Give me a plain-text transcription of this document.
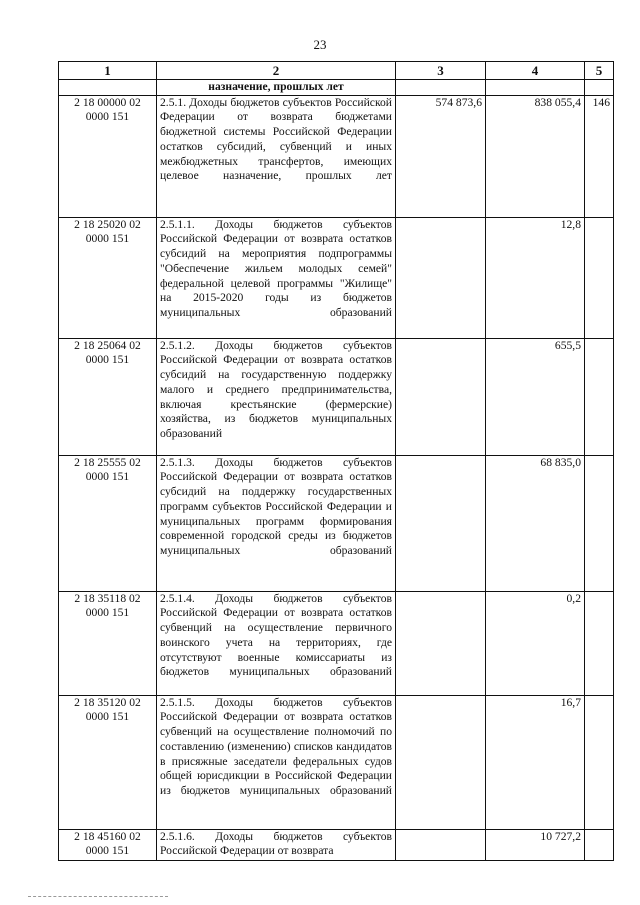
23
1	2	3	4	5
	назначение, прошлых лет			
2 18 00000 02 0000 151	2.5.1. Доходы бюджетов субъектов Российской Федерации от возврата бюджетами бюджетной системы Российской Федерации остатков субсидий, субвенций и иных межбюджетных трансфертов, имеющих целевое назначение, прошлых лет	574 873,6	838 055,4	146
2 18 25020 02 0000 151	2.5.1.1. Доходы бюджетов субъектов Российской Федерации от возврата остатков субсидий на мероприятия подпрограммы "Обеспечение жильем молодых семей" федеральной целевой программы "Жилище" на 2015-2020 годы из бюджетов муниципальных образований		12,8	
2 18 25064 02 0000 151	2.5.1.2. Доходы бюджетов субъектов Российской Федерации от возврата остатков субсидий на государственную поддержку малого и среднего предпринимательства, включая крестьянские (фермерские) хозяйства, из бюджетов муниципальных образований		655,5	
2 18 25555 02 0000 151	2.5.1.3. Доходы бюджетов субъектов Российской Федерации от возврата остатков субсидий на поддержку государственных программ субъектов Российской Федерации и муниципальных программ формирования современной городской среды из бюджетов муниципальных образований		68 835,0	
2 18 35118 02 0000 151	2.5.1.4. Доходы бюджетов субъектов Российской Федерации от возврата остатков субвенций на осуществление первичного воинского учета на территориях, где отсутствуют военные комиссариаты из бюджетов муниципальных образований		0,2	
2 18 35120 02 0000 151	2.5.1.5. Доходы бюджетов субъектов Российской Федерации от возврата остатков субвенций на осуществление полномочий по составлению (изменению) списков кандидатов в присяжные заседатели федеральных судов общей юрисдикции в Российской Федерации из бюджетов муниципальных образований		16,7	
2 18 45160 02 0000 151	2.5.1.6. Доходы бюджетов субъектов Российской Федерации от возврата		10 727,2	
